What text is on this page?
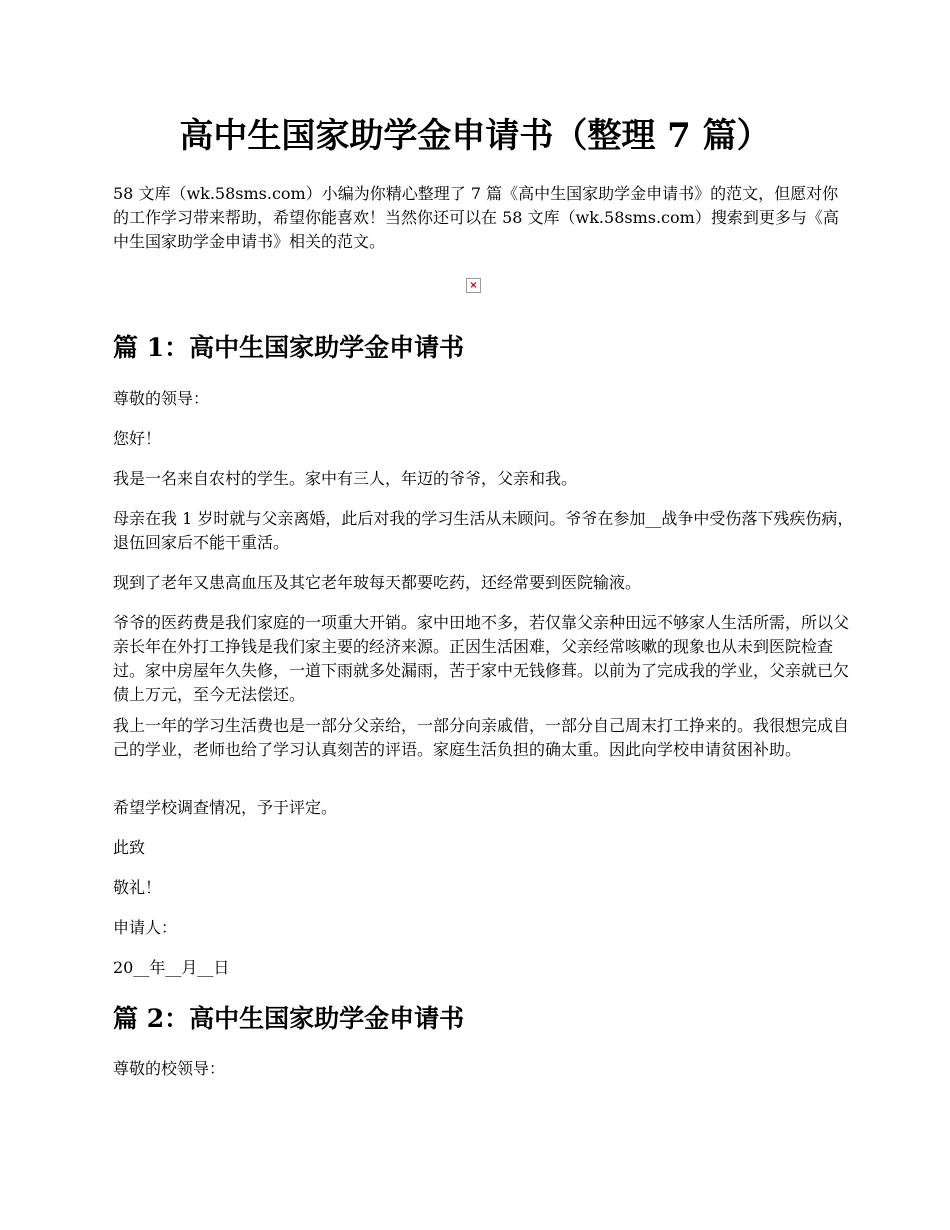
高中生国家助学金申请书（整理 7 篇）

58 文库（wk.58sms.com）小编为你精心整理了 7 篇《高中生国家助学金申请书》的范文，但愿对你的工作学习带来帮助，希望你能喜欢！当然你还可以在 58 文库（wk.58sms.com）搜索到更多与《高中生国家助学金申请书》相关的范文。

×
篇 1：高中生国家助学金申请书

尊敬的领导：

您好！

我是一名来自农村的学生。家中有三人，年迈的爷爷，父亲和我。

母亲在我 1 岁时就与父亲离婚，此后对我的学习生活从未顾问。爷爷在参加__战争中受伤落下残疾伤病，退伍回家后不能干重活。

现到了老年又患高血压及其它老年玻每天都要吃药，还经常要到医院输液。

爷爷的医药费是我们家庭的一项重大开销。家中田地不多，若仅靠父亲种田远不够家人生活所需，所以父亲长年在外打工挣钱是我们家主要的经济来源。正因生活困难，父亲经常咳嗽的现象也从未到医院检查过。家中房屋年久失修，一道下雨就多处漏雨，苦于家中无钱修葺。以前为了完成我的学业，父亲就已欠债上万元，至今无法偿还。

我上一年的学习生活费也是一部分父亲给，一部分向亲戚借，一部分自己周末打工挣来的。我很想完成自己的学业，老师也给了学习认真刻苦的评语。家庭生活负担的确太重。因此向学校申请贫困补助。

希望学校调查情况，予于评定。

此致

敬礼！

申请人：

20__年__月__日

篇 2：高中生国家助学金申请书

尊敬的校领导：
